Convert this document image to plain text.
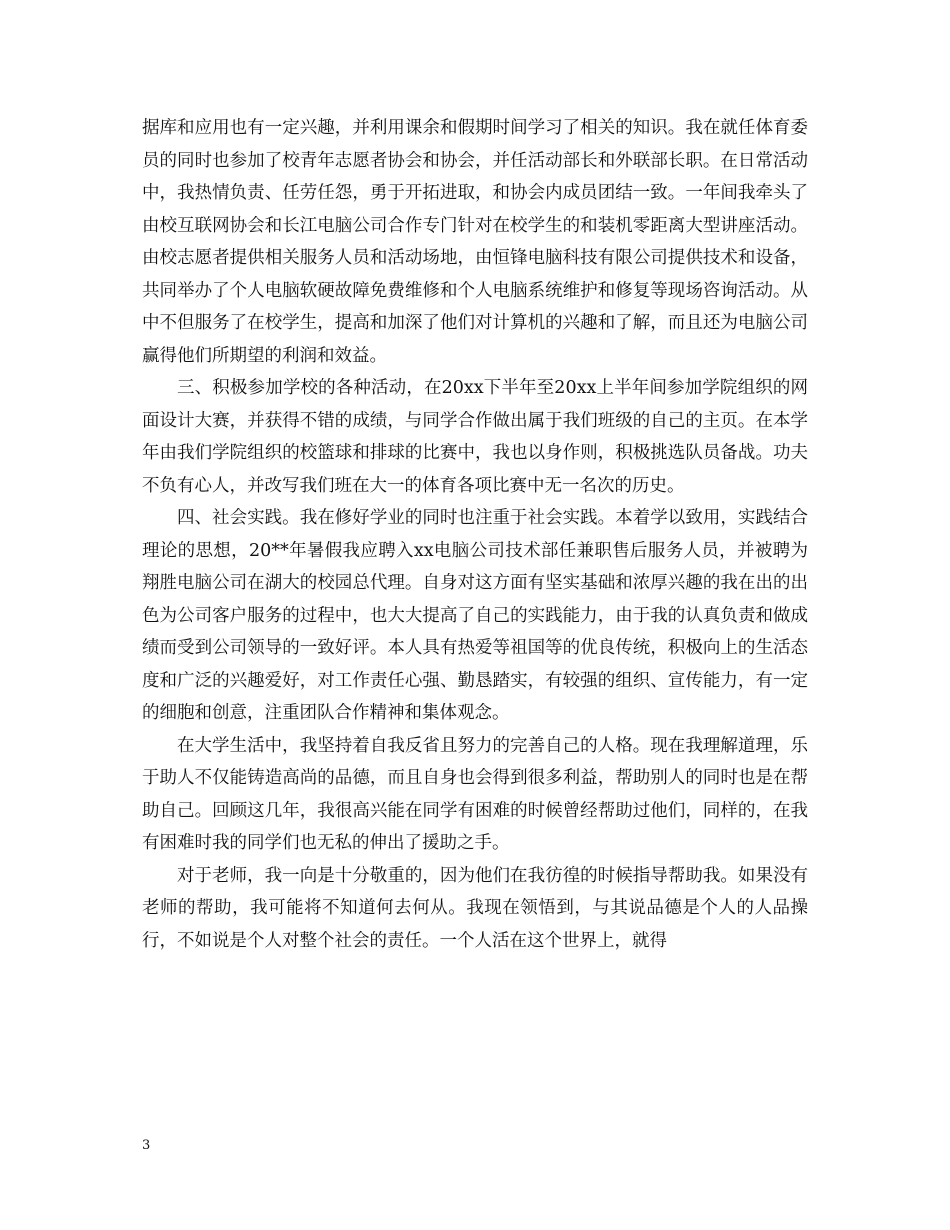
据库和应用也有一定兴趣，并利用课余和假期时间学习了相关的知识。我在就任体育委员的同时也参加了校青年志愿者协会和协会，并任活动部长和外联部长职。在日常活动中，我热情负责、任劳任怨，勇于开拓进取，和协会内成员团结一致。一年间我牵头了由校互联网协会和长江电脑公司合作专门针对在校学生的和装机零距离大型讲座活动。由校志愿者提供相关服务人员和活动场地，由恒锋电脑科技有限公司提供技术和设备，共同举办了个人电脑软硬故障免费维修和个人电脑系统维护和修复等现场咨询活动。从中不但服务了在校学生，提高和加深了他们对计算机的兴趣和了解，而且还为电脑公司赢得他们所期望的利润和效益。

三、积极参加学校的各种活动，在20xx下半年至20xx上半年间参加学院组织的网面设计大赛，并获得不错的成绩，与同学合作做出属于我们班级的自己的主页。在本学年由我们学院组织的校篮球和排球的比赛中，我也以身作则，积极挑选队员备战。功夫不负有心人，并改写我们班在大一的体育各项比赛中无一名次的历史。

四、社会实践。我在修好学业的同时也注重于社会实践。本着学以致用，实践结合理论的思想，20**年暑假我应聘入xx电脑公司技术部任兼职售后服务人员，并被聘为翔胜电脑公司在湖大的校园总代理。自身对这方面有坚实基础和浓厚兴趣的我在出的出色为公司客户服务的过程中，也大大提高了自己的实践能力，由于我的认真负责和做成绩而受到公司领导的一致好评。本人具有热爱等祖国等的优良传统，积极向上的生活态度和广泛的兴趣爱好，对工作责任心强、勤恳踏实，有较强的组织、宣传能力，有一定的细胞和创意，注重团队合作精神和集体观念。

在大学生活中，我坚持着自我反省且努力的完善自己的人格。现在我理解道理，乐于助人不仅能铸造高尚的品德，而且自身也会得到很多利益，帮助别人的同时也是在帮助自己。回顾这几年，我很高兴能在同学有困难的时候曾经帮助过他们，同样的，在我有困难时我的同学们也无私的伸出了援助之手。

对于老师，我一向是十分敬重的，因为他们在我彷徨的时候指导帮助我。如果没有老师的帮助，我可能将不知道何去何从。我现在领悟到，与其说品德是个人的人品操行，不如说是个人对整个社会的责任。一个人活在这个世界上，就得

3
